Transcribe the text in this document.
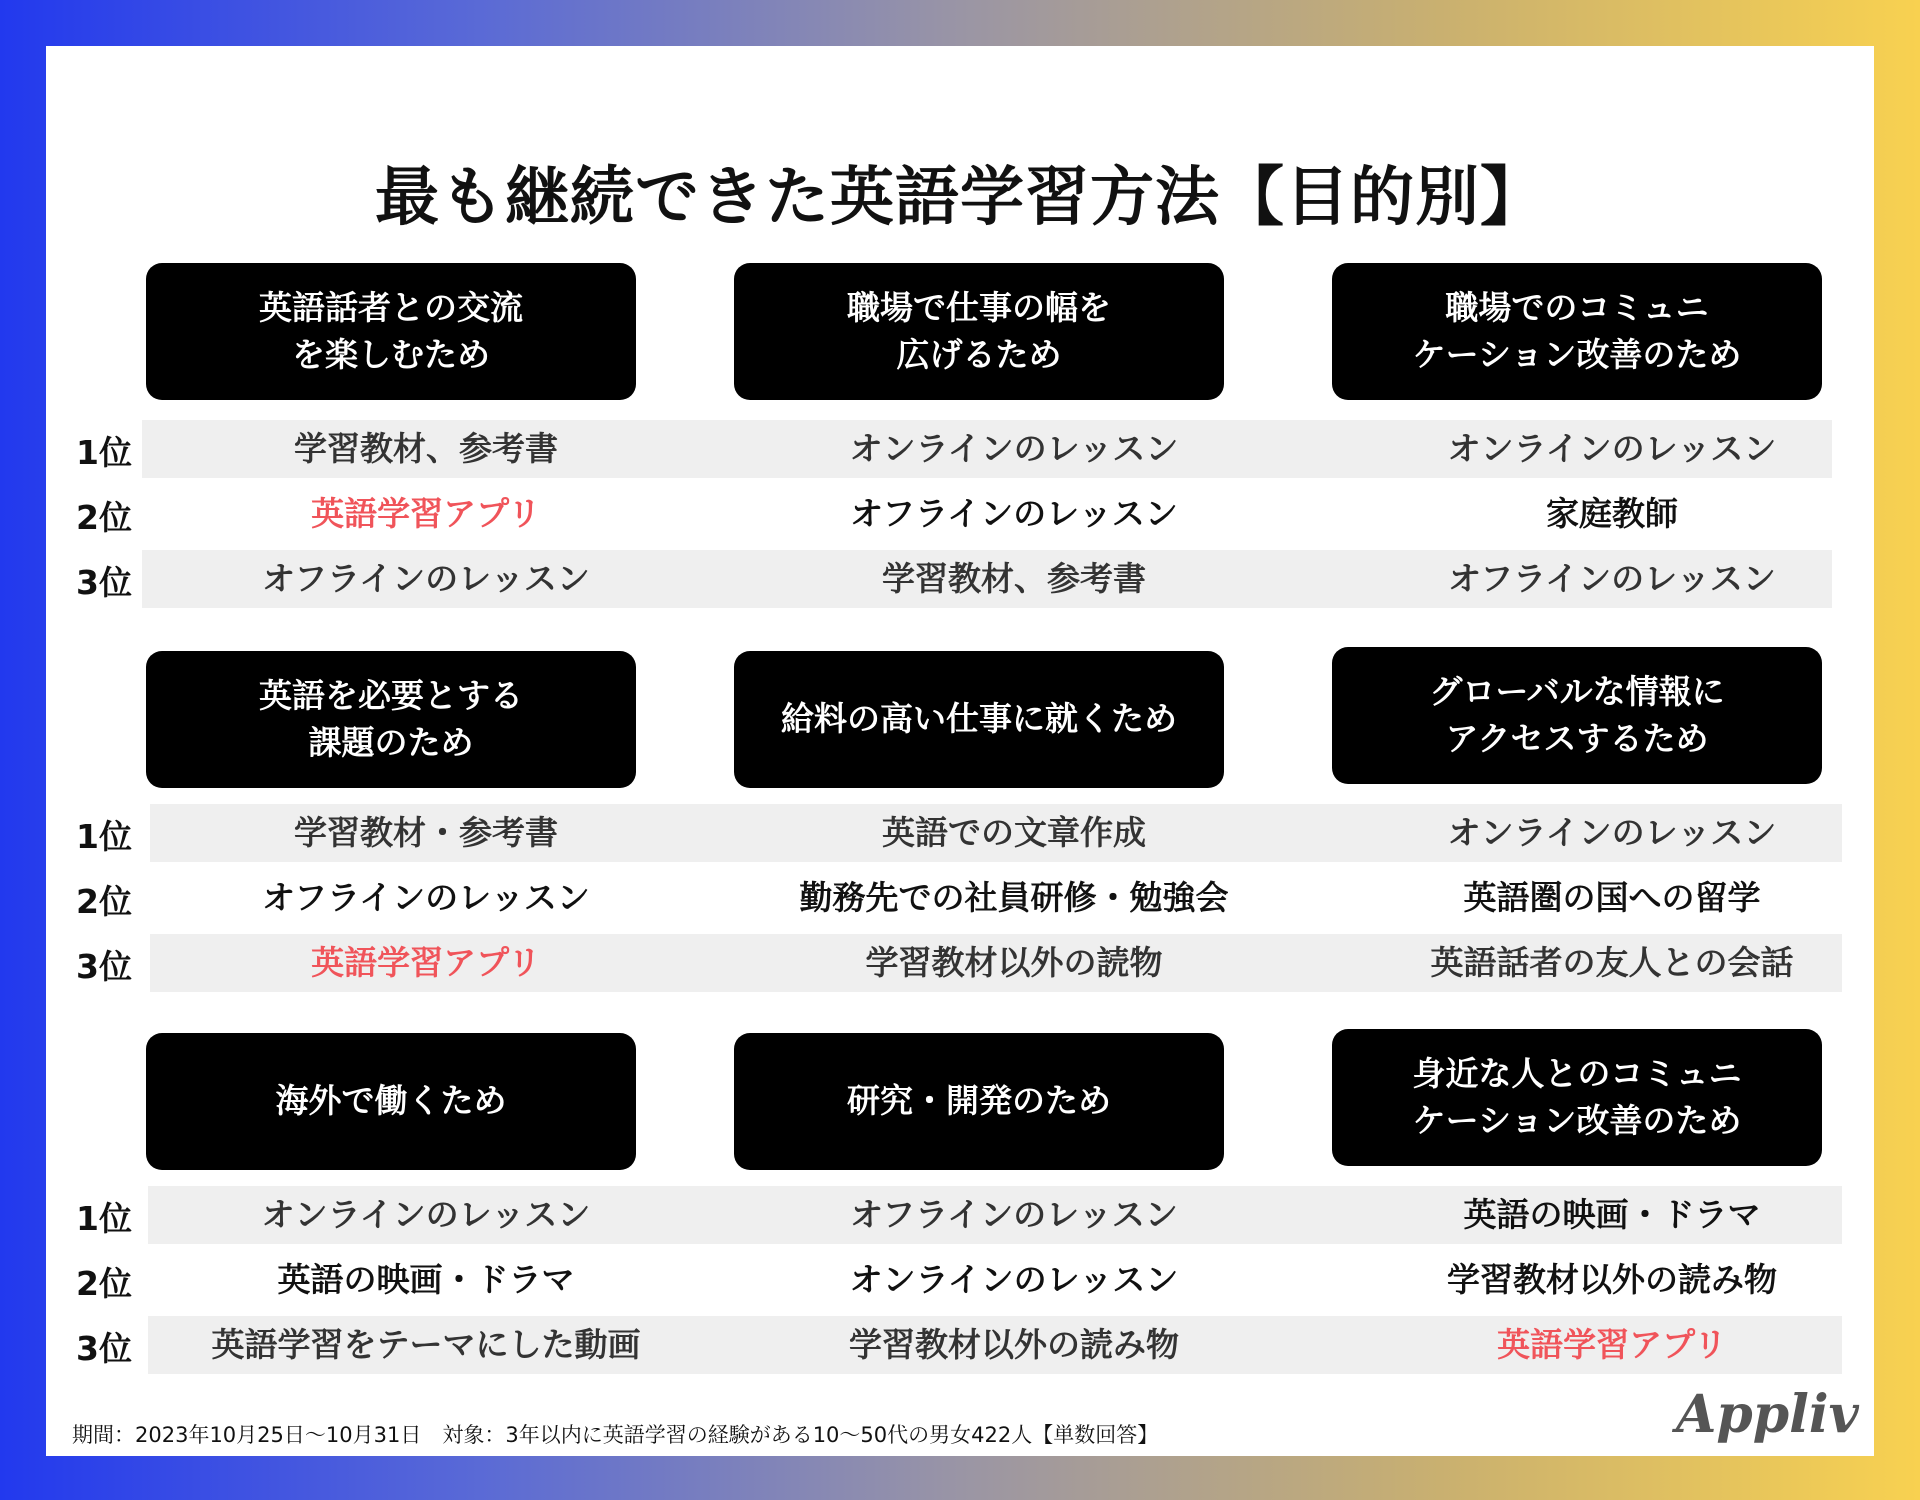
最も継続できた英語学習方法【目的別】
英語話者との交流
を楽しむため
職場で仕事の幅を
広げるため
職場でのコミュニ
ケーション改善のため
1位	学習教材、参考書	オンラインのレッスン	オンラインのレッスン
2位	英語学習アプリ	オフラインのレッスン	家庭教師
3位	オフラインのレッスン	学習教材、参考書	オフラインのレッスン
英語を必要とする
課題のため
給料の高い仕事に就くため
グローバルな情報に
アクセスするため
1位	学習教材・参考書	英語での文章作成	オンラインのレッスン
2位	オフラインのレッスン	勤務先での社員研修・勉強会	英語圏の国への留学
3位	英語学習アプリ	学習教材以外の読物	英語話者の友人との会話
海外で働くため	研究・開発のため
身近な人とのコミュニ
ケーション改善のため
1位	オンラインのレッスン	オフラインのレッスン	英語の映画・ドラマ
2位	英語の映画・ドラマ	オンラインのレッスン	学習教材以外の読み物
3位	英語学習をテーマにした動画	学習教材以外の読み物	英語学習アプリ
期間：2023年10月25日〜10月31日　対象：3年以内に英語学習の経験がある10〜50代の男女422人【単数回答】	Appliv
